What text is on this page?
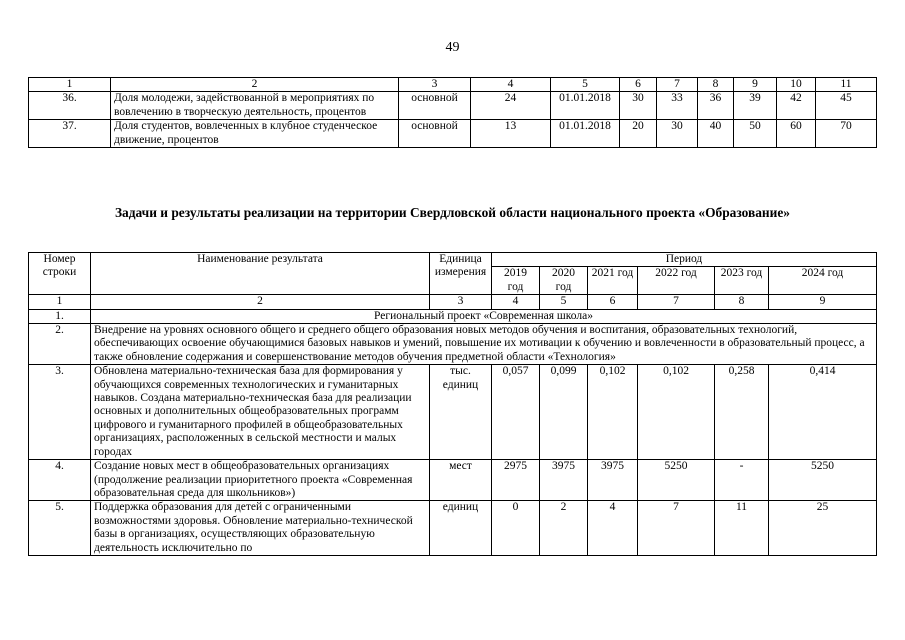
49
1	2	3	4	5	6	7	8	9	10	11
36.	Доля молодежи, задействованной в мероприятиях по вовлечению в творческую деятельность, процентов	основной	24	01.01.2018	30	33	36	39	42	45
37.	Доля студентов, вовлеченных в клубное студенческое движение, процентов	основной	13	01.01.2018	20	30	40	50	60	70
Задачи и результаты реализации на территории Свердловской области национального проекта «Образование»
Номер строки	Наименование результата	Единица измерения	Период					
			2019 год	2020 год	2021 год	2022 год	2023 год	2024 год
1	2	3	4	5	6	7	8	9
1.	Региональный проект «Современная школа»							
2.	Внедрение на уровнях основного общего и среднего общего образования новых методов обучения и воспитания, образовательных технологий, обеспечивающих освоение обучающимися базовых навыков и умений, повышение их мотивации к обучению и вовлеченности в образовательный процесс, а также обновление содержания и совершенствование методов обучения предметной области «Технология»							
3.	Обновлена материально-техническая база для формирования у обучающихся современных технологических и гуманитарных навыков. Создана материально-техническая база для реализации основных и дополнительных общеобразовательных программ цифрового и гуманитарного профилей в общеобразовательных организациях, расположенных в сельской местности и малых городах	тыс. единиц	0,057	0,099	0,102	0,102	0,258	0,414
4.	Создание новых мест в общеобразовательных организациях (продолжение реализации приоритетного проекта «Современная образовательная среда для школьников»)	мест	2975	3975	3975	5250	-	5250
5.	Поддержка образования для детей с ограниченными возможностями здоровья. Обновление материально-технической базы в организациях, осуществляющих образовательную деятельность исключительно по	единиц	0	2	4	7	11	25
